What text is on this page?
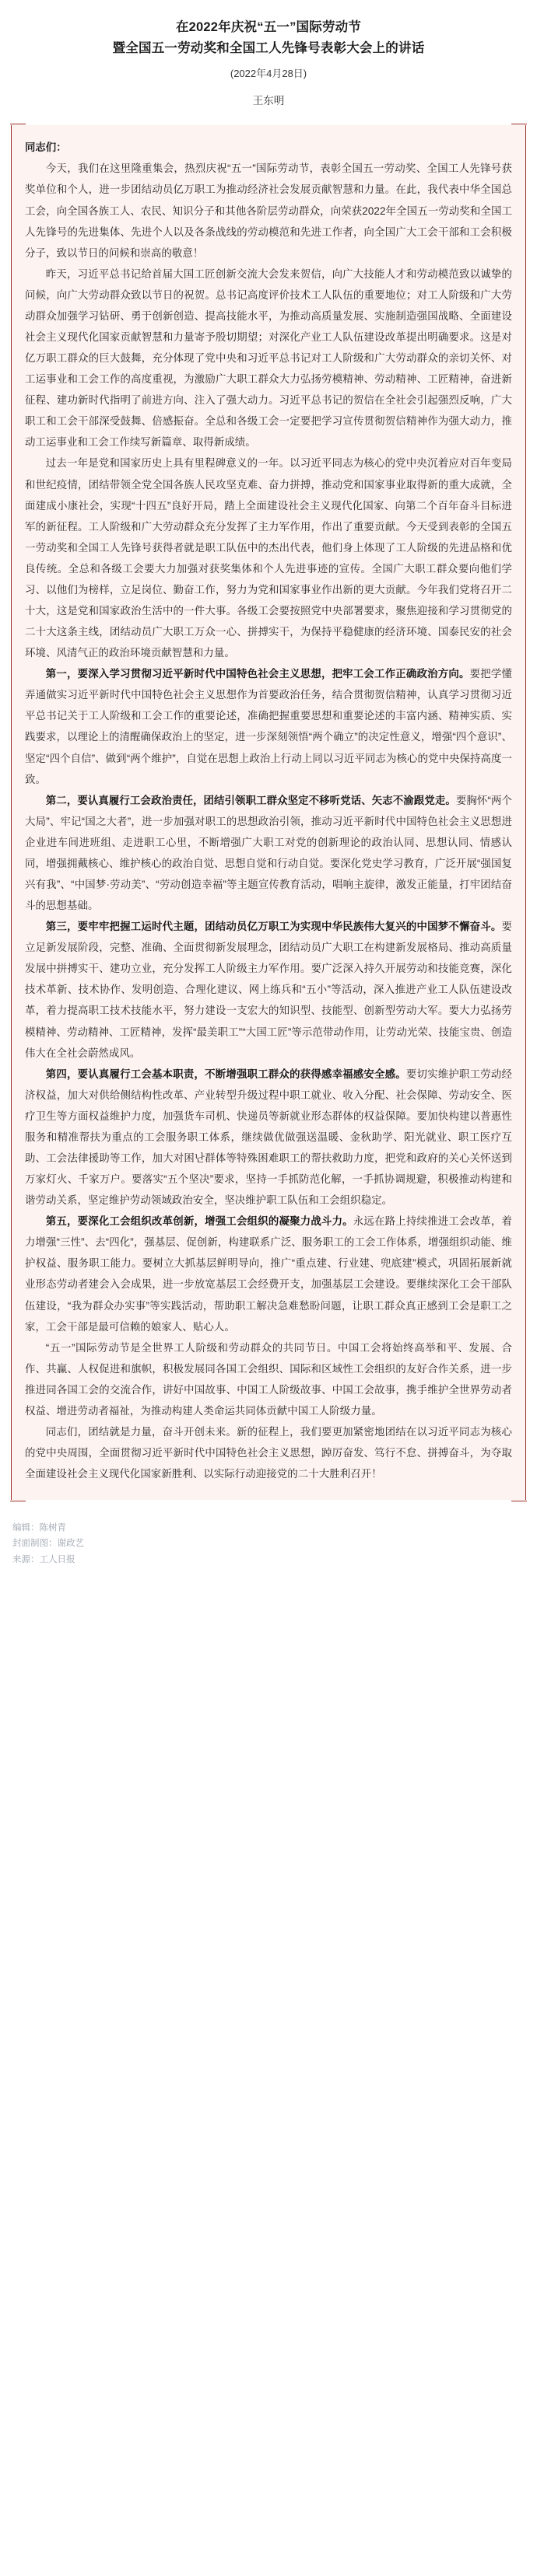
在2022年庆祝“五一”国际劳动节
暨全国五一劳动奖和全国工人先锋号表彰大会上的讲话
(2022年4月28日)
王东明
同志们：

今天，我们在这里隆重集会，热烈庆祝“五一”国际劳动节，表彰全国五一劳动奖、全国工人先锋号获奖单位和个人，进一步团结动员亿万职工为推动经济社会发展贡献智慧和力量。在此，我代表中华全国总工会，向全国各族工人、农民、知识分子和其他各阶层劳动群众，向荣获2022年全国五一劳动奖和全国工人先锋号的先进集体、先进个人以及各条战线的劳动模范和先进工作者，向全国广大工会干部和工会积极分子，致以节日的问候和崇高的敬意！

昨天，习近平总书记给首届大国工匠创新交流大会发来贺信，向广大技能人才和劳动模范致以诚挚的问候，向广大劳动群众致以节日的祝贺。总书记高度评价技术工人队伍的重要地位；对工人阶级和广大劳动群众加强学习钻研、勇于创新创造、提高技能水平，为推动高质量发展、实施制造强国战略、全面建设社会主义现代化国家贡献智慧和力量寄予殷切期望；对深化产业工人队伍建设改革提出明确要求。这是对亿万职工群众的巨大鼓舞，充分体现了党中央和习近平总书记对工人阶级和广大劳动群众的亲切关怀、对工运事业和工会工作的高度重视，为激励广大职工群众大力弘扬劳模精神、劳动精神、工匠精神，奋进新征程、建功新时代指明了前进方向、注入了强大动力。习近平总书记的贺信在全社会引起强烈反响，广大职工和工会干部深受鼓舞、倍感振奋。全总和各级工会一定要把学习宣传贯彻贺信精神作为强大动力，推动工运事业和工会工作续写新篇章、取得新成绩。

过去一年是党和国家历史上具有里程碑意义的一年。以习近平同志为核心的党中央沉着应对百年变局和世纪疫情，团结带领全党全国各族人民攻坚克难、奋力拼搏，推动党和国家事业取得新的重大成就，全面建成小康社会，实现“十四五”良好开局，踏上全面建设社会主义现代化国家、向第二个百年奋斗目标进军的新征程。工人阶级和广大劳动群众充分发挥了主力军作用，作出了重要贡献。今天受到表彰的全国五一劳动奖和全国工人先锋号获得者就是职工队伍中的杰出代表，他们身上体现了工人阶级的先进品格和优良传统。全总和各级工会要大力加强对获奖集体和个人先进事迹的宣传。全国广大职工群众要向他们学习、以他们为榜样，立足岗位、勤奋工作，努力为党和国家事业作出新的更大贡献。今年我们党将召开二十大，这是党和国家政治生活中的一件大事。各级工会要按照党中央部署要求，聚焦迎接和学习贯彻党的二十大这条主线，团结动员广大职工万众一心、拼搏实干，为保持平稳健康的经济环境、国泰民安的社会环境、风清气正的政治环境贡献智慧和力量。

第一，要深入学习贯彻习近平新时代中国特色社会主义思想，把牢工会工作正确政治方向。要把学懂弄通做实习近平新时代中国特色社会主义思想作为首要政治任务，结合贯彻贺信精神，认真学习贯彻习近平总书记关于工人阶级和工会工作的重要论述，准确把握重要思想和重要论述的丰富内涵、精神实质、实践要求，以理论上的清醒确保政治上的坚定，进一步深刻领悟“两个确立”的决定性意义，增强“四个意识”、坚定“四个自信”、做到“两个维护”，自觉在思想上政治上行动上同以习近平同志为核心的党中央保持高度一致。

第二，要认真履行工会政治责任，团结引领职工群众坚定不移听党话、矢志不渝跟党走。要胸怀“两个大局”、牢记“国之大者”，进一步加强对职工的思想政治引领，推动习近平新时代中国特色社会主义思想进企业进车间进班组、走进职工心里，不断增强广大职工对党的创新理论的政治认同、思想认同、情感认同，增强拥戴核心、维护核心的政治自觉、思想自觉和行动自觉。要深化党史学习教育，广泛开展“强国复兴有我”、“中国梦·劳动美”、“劳动创造幸福”等主题宣传教育活动，唱响主旋律，激发正能量，打牢团结奋斗的思想基础。

第三，要牢牢把握工运时代主题，团结动员亿万职工为实现中华民族伟大复兴的中国梦不懈奋斗。要立足新发展阶段，完整、准确、全面贯彻新发展理念，团结动员广大职工在构建新发展格局、推动高质量发展中拼搏实干、建功立业，充分发挥工人阶级主力军作用。要广泛深入持久开展劳动和技能竞赛，深化技术革新、技术协作、发明创造、合理化建议、网上练兵和“五小”等活动，深入推进产业工人队伍建设改革，着力提高职工技术技能水平，努力建设一支宏大的知识型、技能型、创新型劳动大军。要大力弘扬劳模精神、劳动精神、工匠精神，发挥“最美职工”“大国工匠”等示范带动作用，让劳动光荣、技能宝贵、创造伟大在全社会蔚然成风。

第四，要认真履行工会基本职责，不断增强职工群众的获得感幸福感安全感。要切实维护职工劳动经济权益，加大对供给侧结构性改革、产业转型升级过程中职工就业、收入分配、社会保障、劳动安全、医疗卫生等方面权益维护力度，加强货车司机、快递员等新就业形态群体的权益保障。要加快构建以普惠性服务和精准帮扶为重点的工会服务职工体系，继续做优做强送温暖、金秋助学、阳光就业、职工医疗互助、工会法律援助等工作，加大对困난群体等特殊困难职工的帮扶救助力度，把党和政府的关心关怀送到万家灯火、千家万户。要落实“五个坚决”要求，坚持一手抓防范化解，一手抓协调规避，积极推动构建和谐劳动关系，坚定维护劳动领域政治安全，坚决维护职工队伍和工会组织稳定。

第五，要深化工会组织改革创新，增强工会组织的凝聚力战斗力。永远在路上持续推进工会改革，着力增强“三性”、去“四化”，强基层、促创新，构建联系广泛、服务职工的工会工作体系，增强组织动能、维护权益、服务职工能力。要树立大抓基层鲜明导向，推广“重点建、行业建、兜底建”模式，巩固拓展新就业形态劳动者建会入会成果，进一步放宽基层工会经费开支，加强基层工会建设。要继续深化工会干部队伍建设，“我为群众办实事”等实践活动，帮助职工解决急难愁盼问题，让职工群众真正感到工会是职工之家，工会干部是最可信赖的娘家人、贴心人。

“五一”国际劳动节是全世界工人阶级和劳动群众的共同节日。中国工会将始终高举和平、发展、合作、共赢、人权促进和旗帜，积极发展同各国工会组织、国际和区域性工会组织的友好合作关系，进一步推进同各国工会的交流合作，讲好中国故事、中国工人阶级故事、中国工会故事，携手维护全世界劳动者权益、增进劳动者福祉，为推动构建人类命运共同体贡献中国工人阶级力量。

同志们，团结就是力量，奋斗开创未来。新的征程上，我们要更加紧密地团结在以习近平同志为核心的党中央周围，全面贯彻习近平新时代中国特色社会主义思想，踔厉奋发、笃行不怠、拼搏奋斗，为夺取全面建设社会主义现代化国家新胜利、以实际行动迎接党的二十大胜利召开！

编辑：陈树青
封面制图：谢政艺
来源：工人日报
